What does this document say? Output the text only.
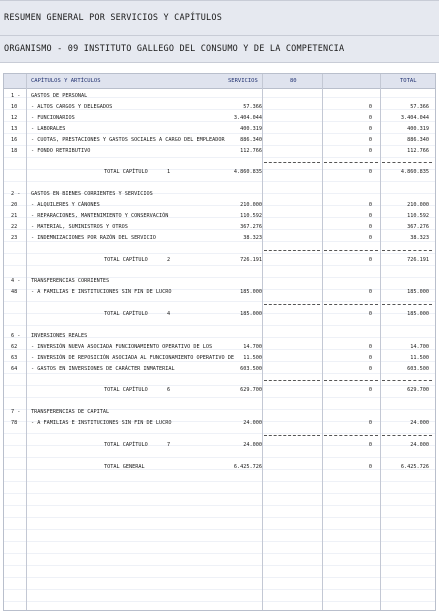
RESUMEN GENERAL POR SERVICIOS Y CAPÍTULOS
ORGANISMO - 09 INSTITUTO GALLEGO DEL CONSUMO Y DE LA COMPETENCIA
CAPÍTULOS Y ARTÍCULOS	SERVICIOS	80	TOTAL
1 - GASTOS DE PERSONAL
10	- ALTOS CARGOS Y DELEGADOS	57.366	0	57.366
12	- FUNCIONARIOS	3.404.044	0	3.404.044
13	- LABORALES	400.319	0	400.319
16	- CUOTAS, PRESTACIONES Y GASTOS SOCIALES A CARGO DEL EMPLEADOR	886.340	0	886.340
18	- FONDO RETRIBUTIVO	112.766	0	112.766
TOTAL CAPÍTULO	1	4.860.835	0	4.860.835
2 - GASTOS EN BIENES CORRIENTES Y SERVICIOS
20	- ALQUILERES Y CÁNONES	210.000	0	210.000
21	- REPARACIONES, MANTENIMIENTO Y CONSERVACIÓN	110.592	0	110.592
22	- MATERIAL, SUMINISTROS Y OTROS	367.276	0	367.276
23	- INDEMNIZACIONES POR RAZÓN DEL SERVICIO	38.323	0	38.323
TOTAL CAPÍTULO	2	726.191	0	726.191
4 - TRANSFERENCIAS CORRIENTES
48	- A FAMILIAS E INSTITUCIONES SIN FIN DE LUCRO	185.000	0	185.000
TOTAL CAPÍTULO	4	185.000	0	185.000
6 - INVERSIONES REALES
62	- INVERSIÓN NUEVA ASOCIADA FUNCIONAMIENTO OPERATIVO DE LOS	14.700	0	14.700
63	- INVERSIÓN DE REPOSICIÓN ASOCIADA AL FUNCIONAMIENTO OPERATIVO DE 11.500	0	11.500
64	- GASTOS EN INVERSIONES DE CARÁCTER INMATERIAL	603.500	0	603.500
TOTAL CAPÍTULO	6	629.700	0	629.700
7 - TRANSFERENCIAS DE CAPITAL
78	- A FAMILIAS E INSTITUCIONES SIN FIN DE LUCRO	24.000	0	24.000
TOTAL CAPÍTULO	7	24.000	0	24.000
TOTAL GENERAL	6.425.726	0	6.425.726
